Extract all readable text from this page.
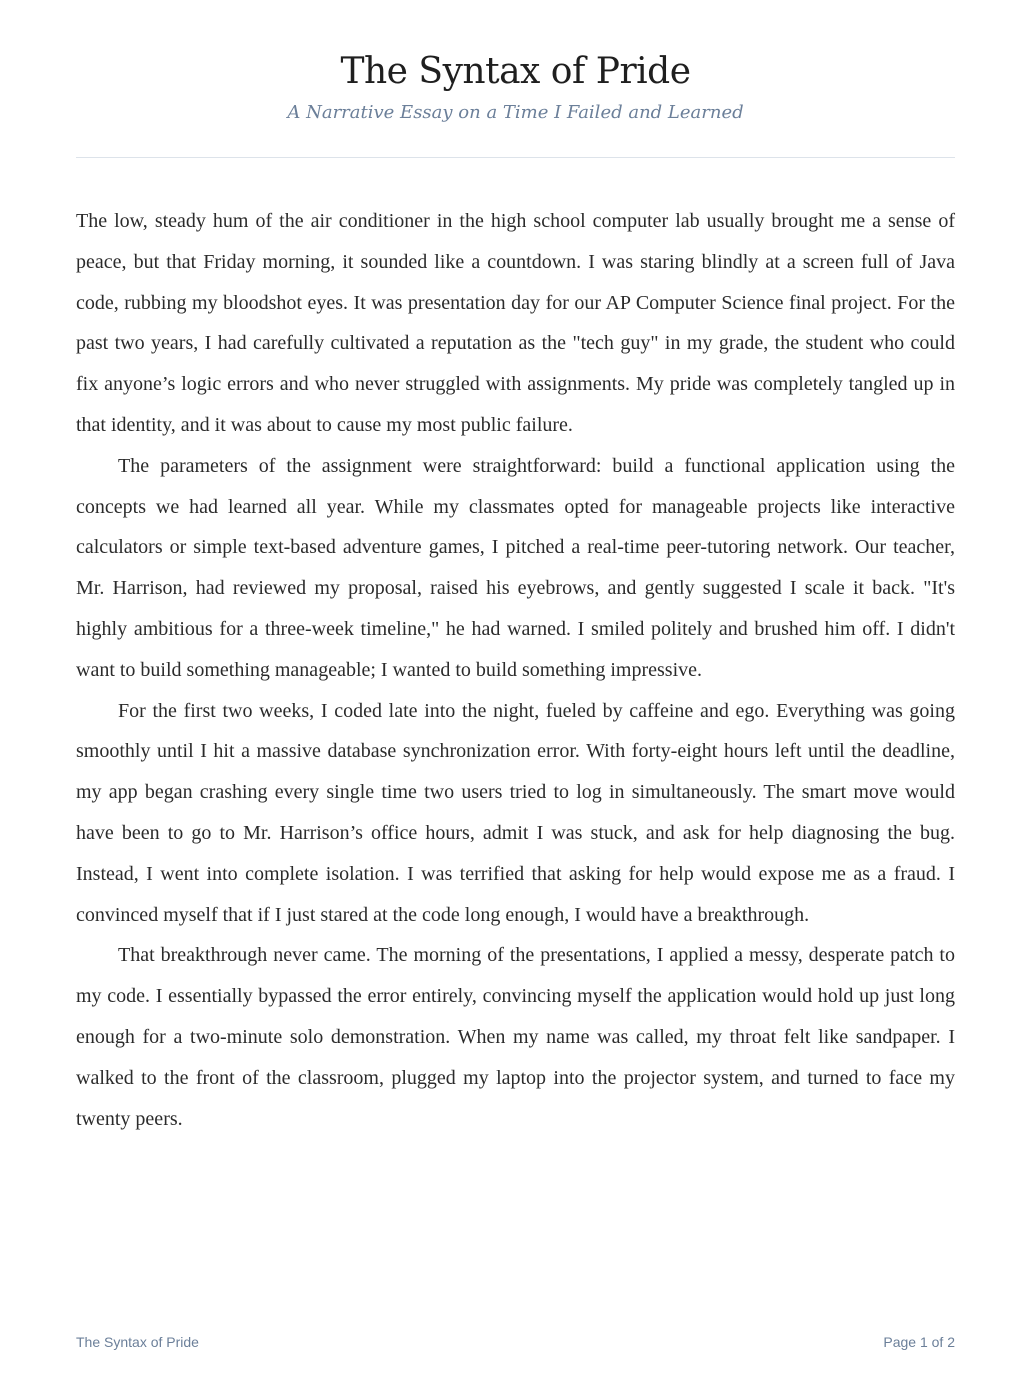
The Syntax of Pride
A Narrative Essay on a Time I Failed and Learned

The low, steady hum of the air conditioner in the high school computer lab usually brought me a sense of peace, but that Friday morning, it sounded like a countdown. I was staring blindly at a screen full of Java code, rubbing my bloodshot eyes. It was presentation day for our AP Computer Science final project. For the past two years, I had carefully cultivated a reputation as the "tech guy" in my grade, the student who could fix anyone’s logic errors and who never struggled with assignments. My pride was completely tangled up in that identity, and it was about to cause my most public failure.

The parameters of the assignment were straightforward: build a functional application using the concepts we had learned all year. While my classmates opted for manageable projects like interactive calculators or simple text-based adventure games, I pitched a real-time peer-tutoring network. Our teacher, Mr. Harrison, had reviewed my proposal, raised his eyebrows, and gently suggested I scale it back. "It's highly ambitious for a three-week timeline," he had warned. I smiled politely and brushed him off. I didn't want to build something manageable; I wanted to build something impressive.

For the first two weeks, I coded late into the night, fueled by caffeine and ego. Everything was going smoothly until I hit a massive database synchronization error. With forty-eight hours left until the deadline, my app began crashing every single time two users tried to log in simultaneously. The smart move would have been to go to Mr. Harrison’s office hours, admit I was stuck, and ask for help diagnosing the bug. Instead, I went into complete isolation. I was terrified that asking for help would expose me as a fraud. I convinced myself that if I just stared at the code long enough, I would have a breakthrough.

That breakthrough never came. The morning of the presentations, I applied a messy, desperate patch to my code. I essentially bypassed the error entirely, convincing myself the application would hold up just long enough for a two-minute solo demonstration. When my name was called, my throat felt like sandpaper. I walked to the front of the classroom, plugged my laptop into the projector system, and turned to face my twenty peers.

The Syntax of Pride	Page 1 of 2
